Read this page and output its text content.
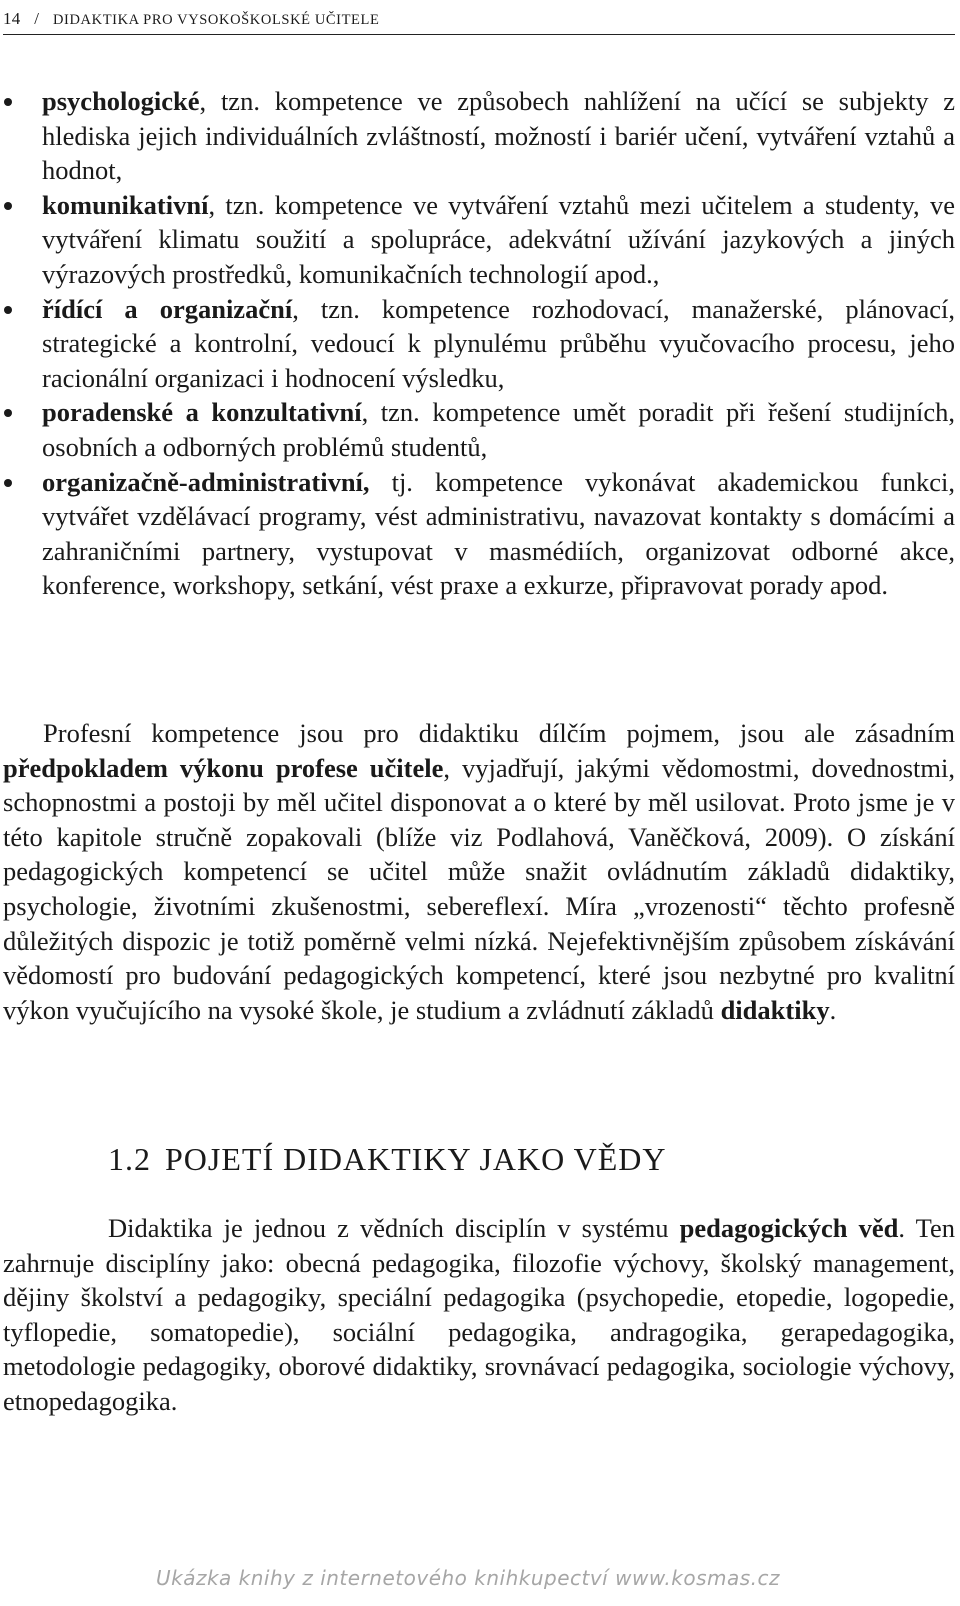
14 / DIDAKTIKA PRO VYSOKOŠKOLSKÉ UČITELE
psychologické, tzn. kompetence ve způsobech nahlížení na učící se subjekty z hlediska jejich individuálních zvláštností, možností i bariér učení, vytváření vztahů a hodnot,
komunikativní, tzn. kompetence ve vytváření vztahů mezi učitelem a studenty, ve vytváření klimatu soužití a spolupráce, adekvátní užívání jazykových a jiných výrazových prostředků, komunikačních technologií apod.,
řídící a organizační, tzn. kompetence rozhodovací, manažerské, plánovací, strategické a kontrolní, vedoucí k plynulému průběhu vyučovacího procesu, jeho racionální organizaci i hodnocení výsledku,
poradenské a konzultativní, tzn. kompetence umět poradit při řešení studijních, osobních a odborných problémů studentů,
organizačně-administrativní, tj. kompetence vykonávat akademickou funkci, vytvářet vzdělávací programy, vést administrativu, navazovat kontakty s domácími a zahraničními partnery, vystupovat v masmédiích, organizovat odborné akce, konference, workshopy, setkání, vést praxe a exkurze, připravovat porady apod.

Profesní kompetence jsou pro didaktiku dílčím pojmem, jsou ale zásadním předpokladem výkonu profese učitele, vyjadřují, jakými vědomostmi, dovednostmi, schopnostmi a postoji by měl učitel disponovat a o které by měl usilovat. Proto jsme je v této kapitole stručně zopakovali (blíže viz Podlahová, Vaněčková, 2009). O získání pedagogických kompetencí se učitel může snažit ovládnutím základů didaktiky, psychologie, životními zkušenostmi, sebereflexí. Míra „vrozenosti“ těchto profesně důležitých dispozic je totiž poměrně velmi nízká. Nejefektivnějším způsobem získávání vědomostí pro budování pedagogických kompetencí, které jsou nezbytné pro kvalitní výkon vyučujícího na vysoké škole, je studium a zvládnutí základů didaktiky.

1.2 POJETÍ DIDAKTIKY JAKO VĚDY

Didaktika je jednou z vědních disciplín v systému pedagogických věd. Ten zahrnuje disciplíny jako: obecná pedagogika, filozofie výchovy, školský management, dějiny školství a pedagogiky, speciální pedagogika (psychopedie, etopedie, logopedie, tyflopedie, somatopedie), sociální pedagogika, andragogika, gerapedagogika, metodologie pedagogiky, oborové didaktiky, srovnávací pedagogika, sociologie výchovy, etnopedagogika.

Ukázka knihy z internetového knihkupectví www.kosmas.cz
